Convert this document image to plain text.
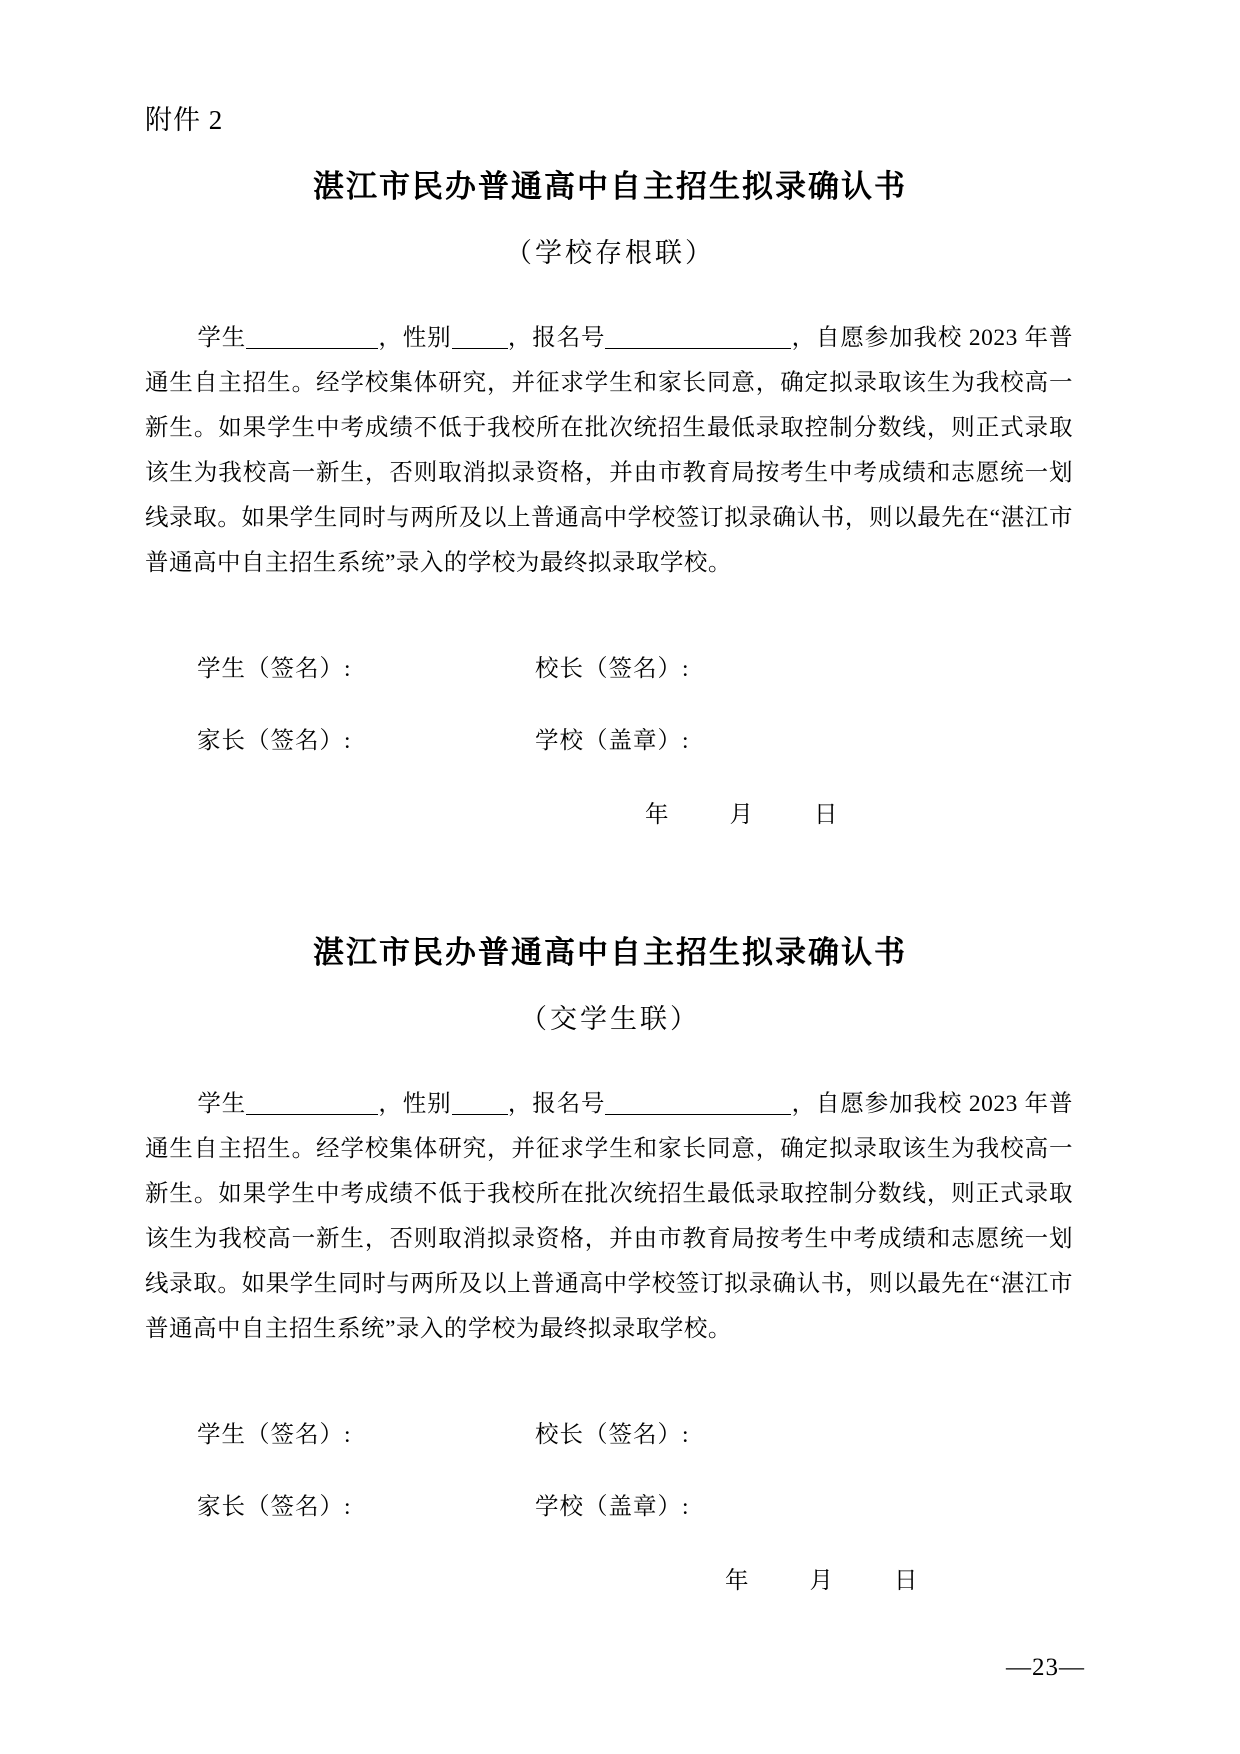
附件 2
湛江市民办普通高中自主招生拟录确认书
（学校存根联）

学生	，性别 ，报名号	，自愿参加我校 2023 年普通生自主招生。经学校集体研究，并征求学生和家长同意，确定拟录取该生为我校高一新生。如果学生中考成绩不低于我校所在批次统招生最低录取控制分数线，则正式录取该生为我校高一新生，否则取消拟录资格，并由市教育局按考生中考成绩和志愿统一划线录取。如果学生同时与两所及以上普通高中学校签订拟录确认书，则以最先在“湛江市普通高中自主招生系统”录入的学校为最终拟录取学校。

学生（签名）:	校长（签名）:
家长（签名）:	学校（盖章）:
年	月	日
湛江市民办普通高中自主招生拟录确认书
（交学生联）

学生	，性别 ，报名号	，自愿参加我校 2023 年普通生自主招生。经学校集体研究，并征求学生和家长同意，确定拟录取该生为我校高一新生。如果学生中考成绩不低于我校所在批次统招生最低录取控制分数线，则正式录取该生为我校高一新生，否则取消拟录资格，并由市教育局按考生中考成绩和志愿统一划线录取。如果学生同时与两所及以上普通高中学校签订拟录确认书，则以最先在“湛江市普通高中自主招生系统”录入的学校为最终拟录取学校。

学生（签名）:	校长（签名）:
家长（签名）:	学校（盖章）:
年	月	日
—23—
